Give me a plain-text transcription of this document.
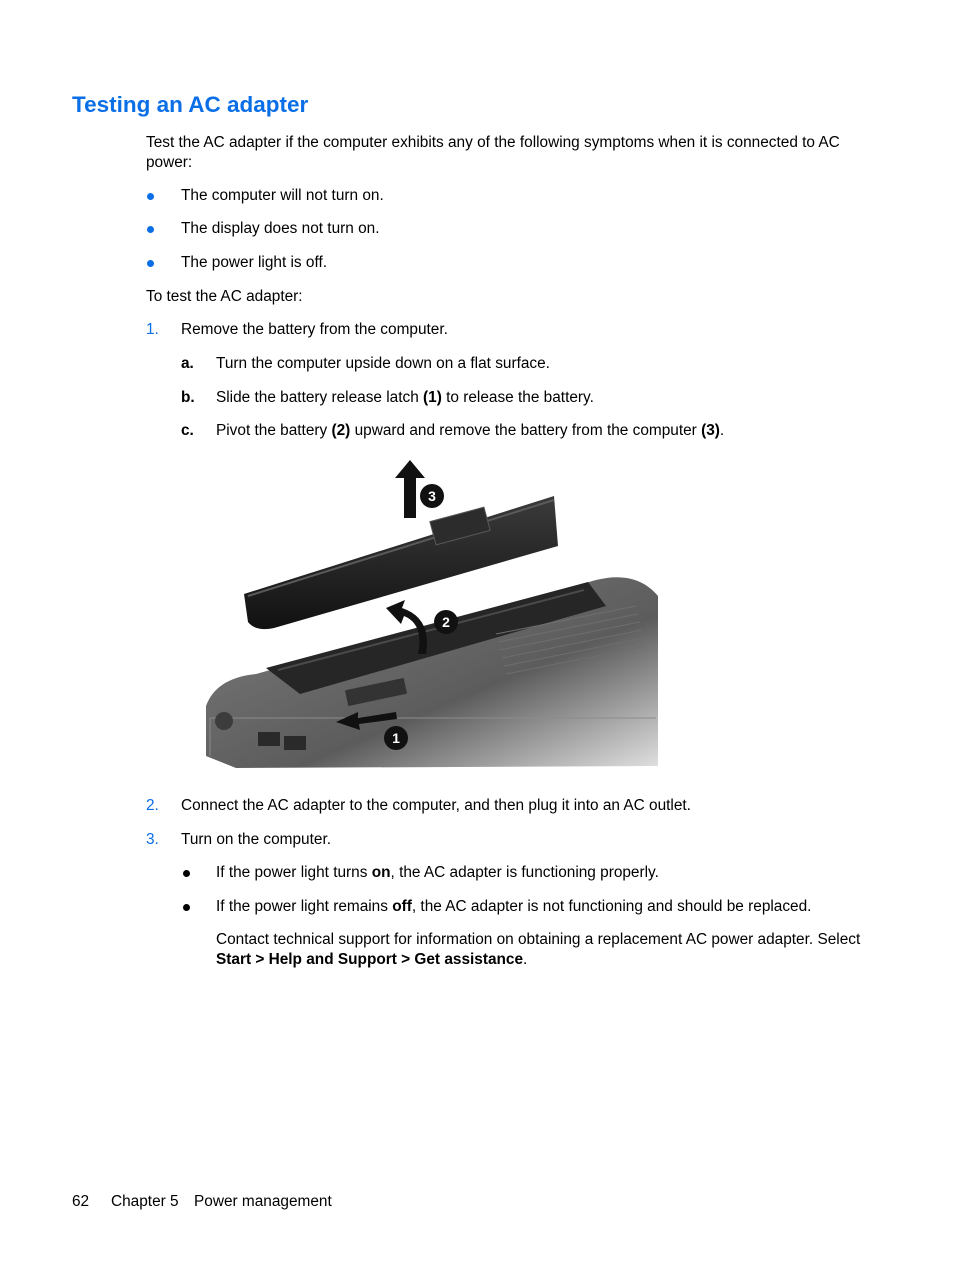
Testing an AC adapter

Test the AC adapter if the computer exhibits any of the following symptoms when it is connected to AC power:

The computer will not turn on.
The display does not turn on.
The power light is off.

To test the AC adapter:

1. Remove the battery from the computer.
a. Turn the computer upside down on a flat surface.
b. Slide the battery release latch (1) to release the battery.
c. Pivot the battery (2) upward and remove the battery from the computer (3).
3
2
1
2. Connect the AC adapter to the computer, and then plug it into an AC outlet.
3. Turn on the computer.
If the power light turns on, the AC adapter is functioning properly.
If the power light remains off, the AC adapter is not functioning and should be replaced.

Contact technical support for information on obtaining a replacement AC power adapter. Select Start > Help and Support > Get assistance.

62 Chapter 5 Power management
